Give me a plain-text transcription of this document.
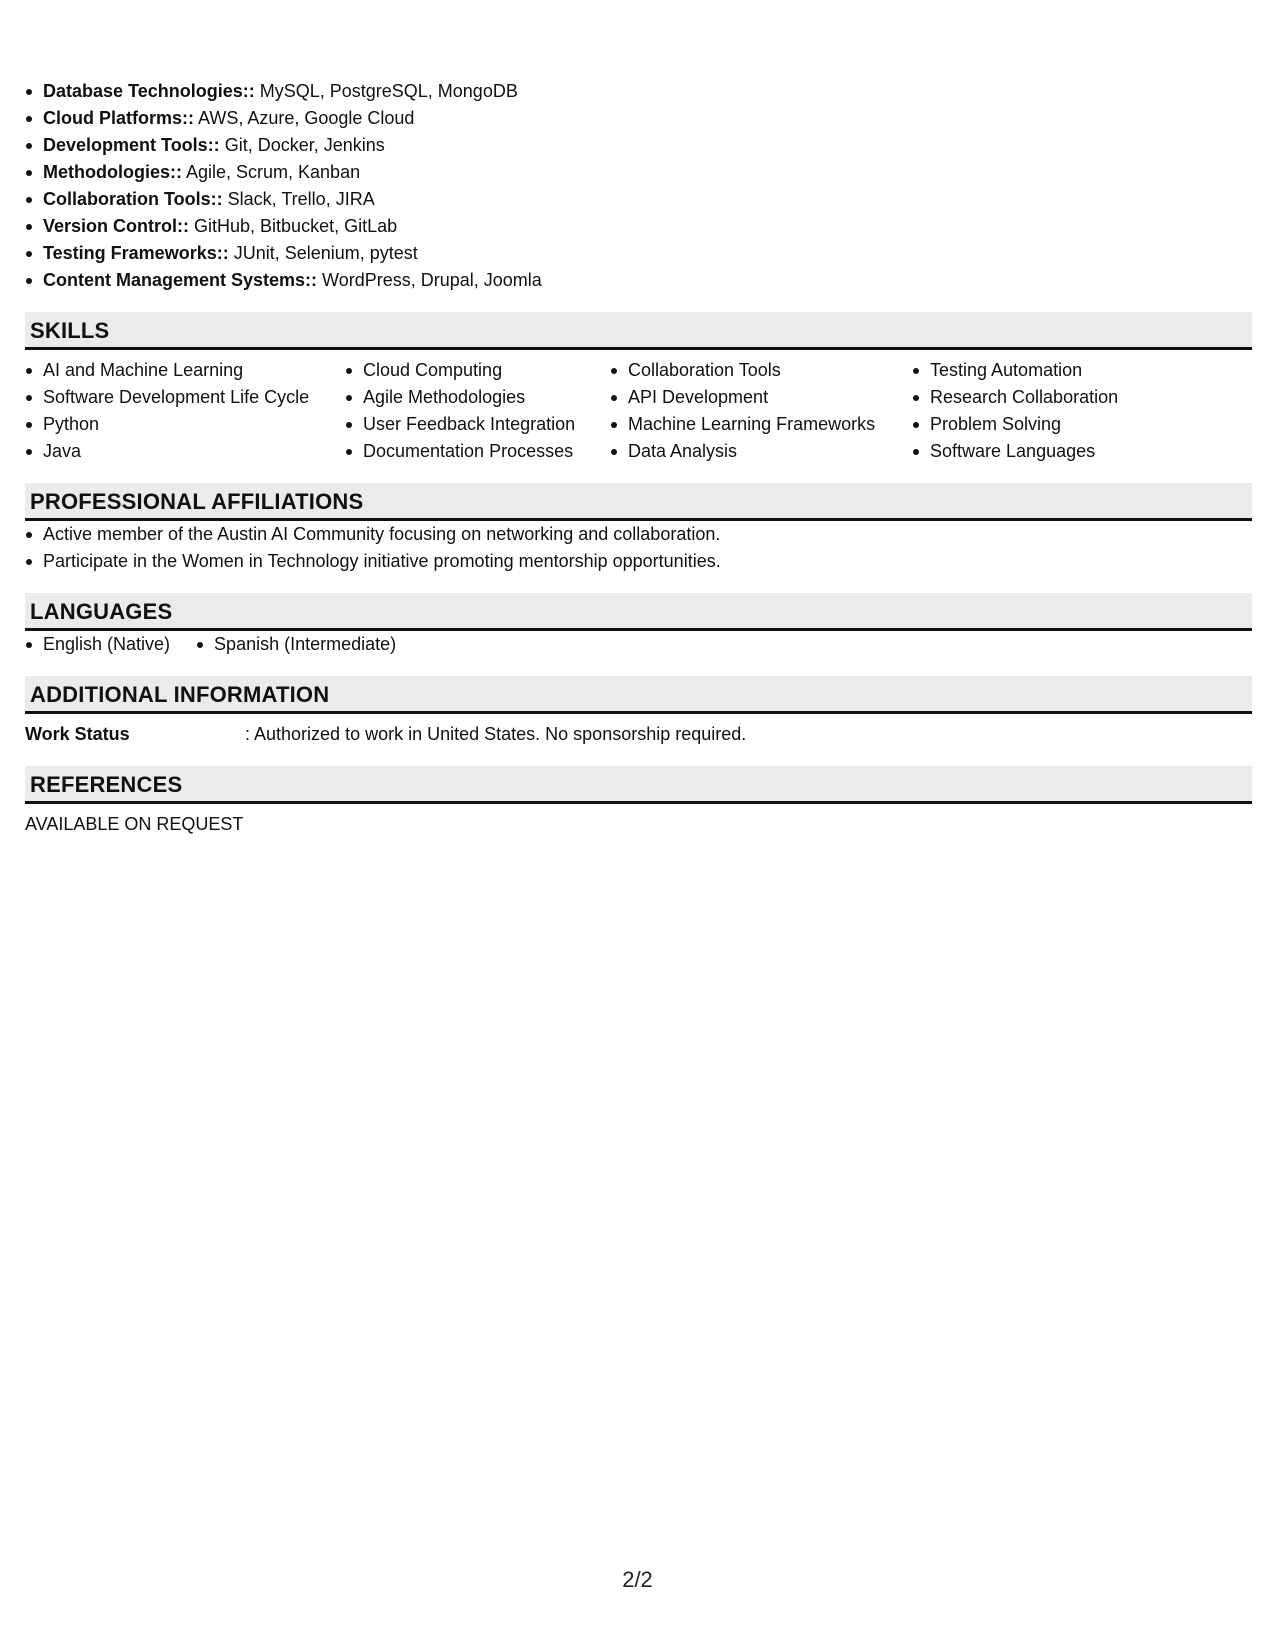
Database Technologies:: MySQL, PostgreSQL, MongoDB
Cloud Platforms:: AWS, Azure, Google Cloud
Development Tools:: Git, Docker, Jenkins
Methodologies:: Agile, Scrum, Kanban
Collaboration Tools:: Slack, Trello, JIRA
Version Control:: GitHub, Bitbucket, GitLab
Testing Frameworks:: JUnit, Selenium, pytest
Content Management Systems:: WordPress, Drupal, Joomla
SKILLS
AI and Machine Learning
Software Development Life Cycle
Python
Java
Cloud Computing
Agile Methodologies
User Feedback Integration
Documentation Processes
Collaboration Tools
API Development
Machine Learning Frameworks
Data Analysis
Testing Automation
Research Collaboration
Problem Solving
Software Languages
PROFESSIONAL AFFILIATIONS
Active member of the Austin AI Community focusing on networking and collaboration.
Participate in the Women in Technology initiative promoting mentorship opportunities.
LANGUAGES
English (Native)	Spanish (Intermediate)
ADDITIONAL INFORMATION
Work Status	: Authorized to work in United States. No sponsorship required.
REFERENCES
AVAILABLE ON REQUEST
2/2
